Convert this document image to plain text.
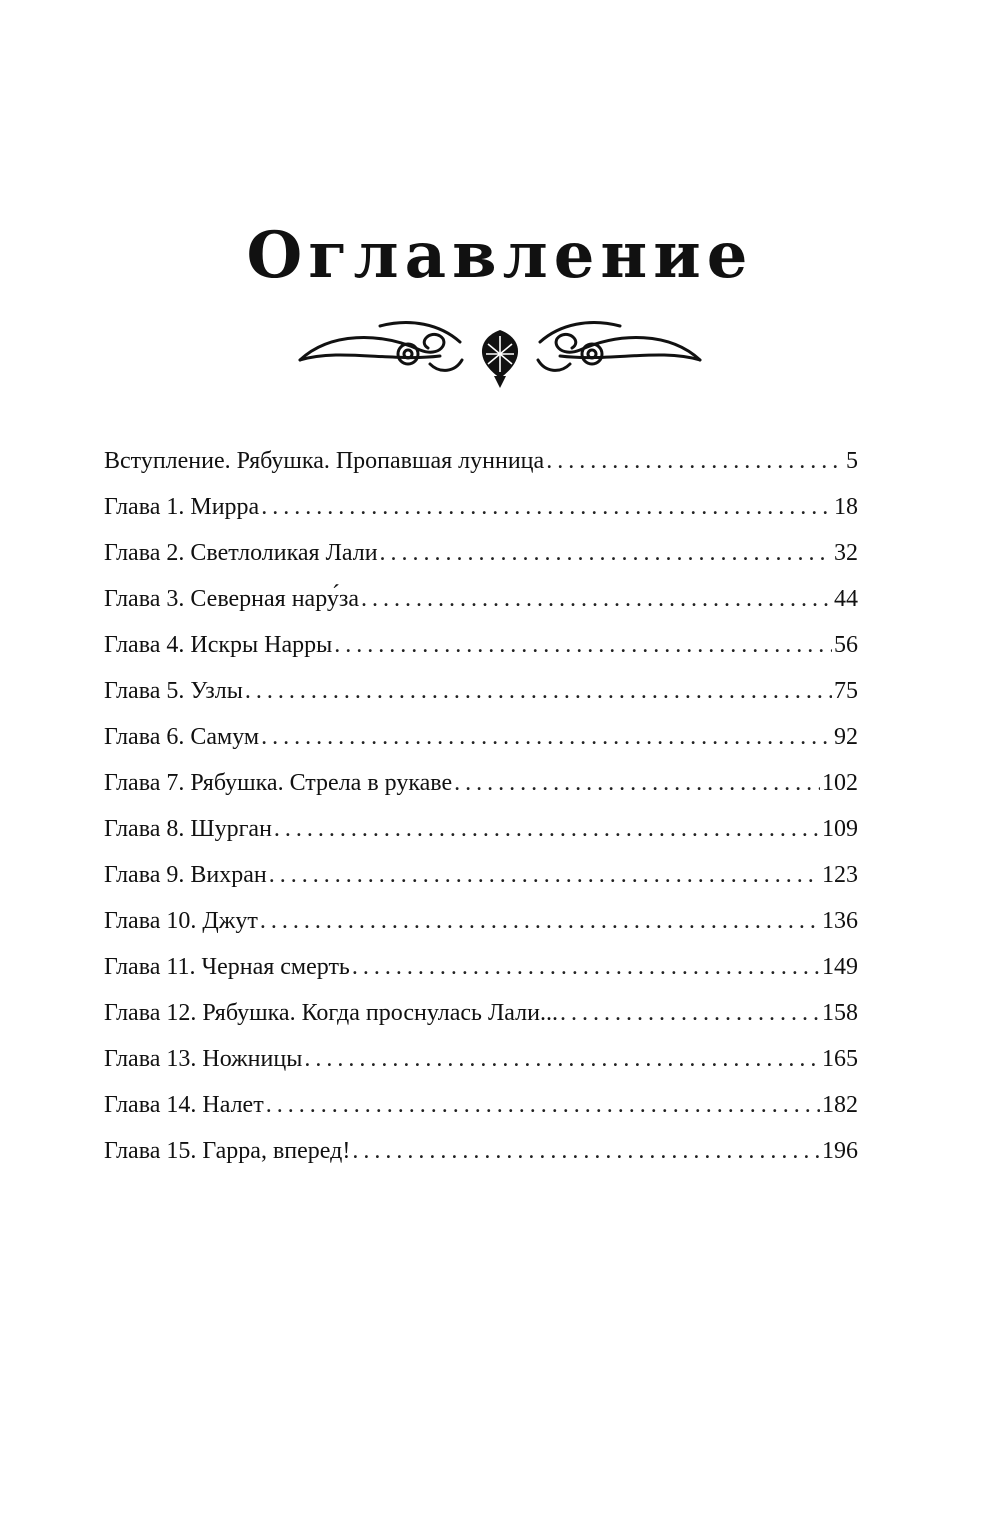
Оглавление
Вступление. Рябушка. Пропавшая лунница . . .	5
Глава 1. Мирра . . .	18
Глава 2. Светлоликая Лали . . .	32
Глава 3. Северная нару́за . . .	44
Глава 4. Искры Нарры . . .	56
Глава 5. Узлы . . .	75
Глава 6. Самум . . .	92
Глава 7. Рябушка. Стрела в рукаве . . .	102
Глава 8. Шурган . . .	109
Глава 9. Вихран . . .	123
Глава 10. Джут . . .	136
Глава 11. Черная смерть . . .	149
Глава 12. Рябушка. Когда проснулась Лали... . . .	158
Глава 13. Ножницы . . .	165
Глава 14. Налет . . .	182
Глава 15. Гарра, вперед! . . .	196
